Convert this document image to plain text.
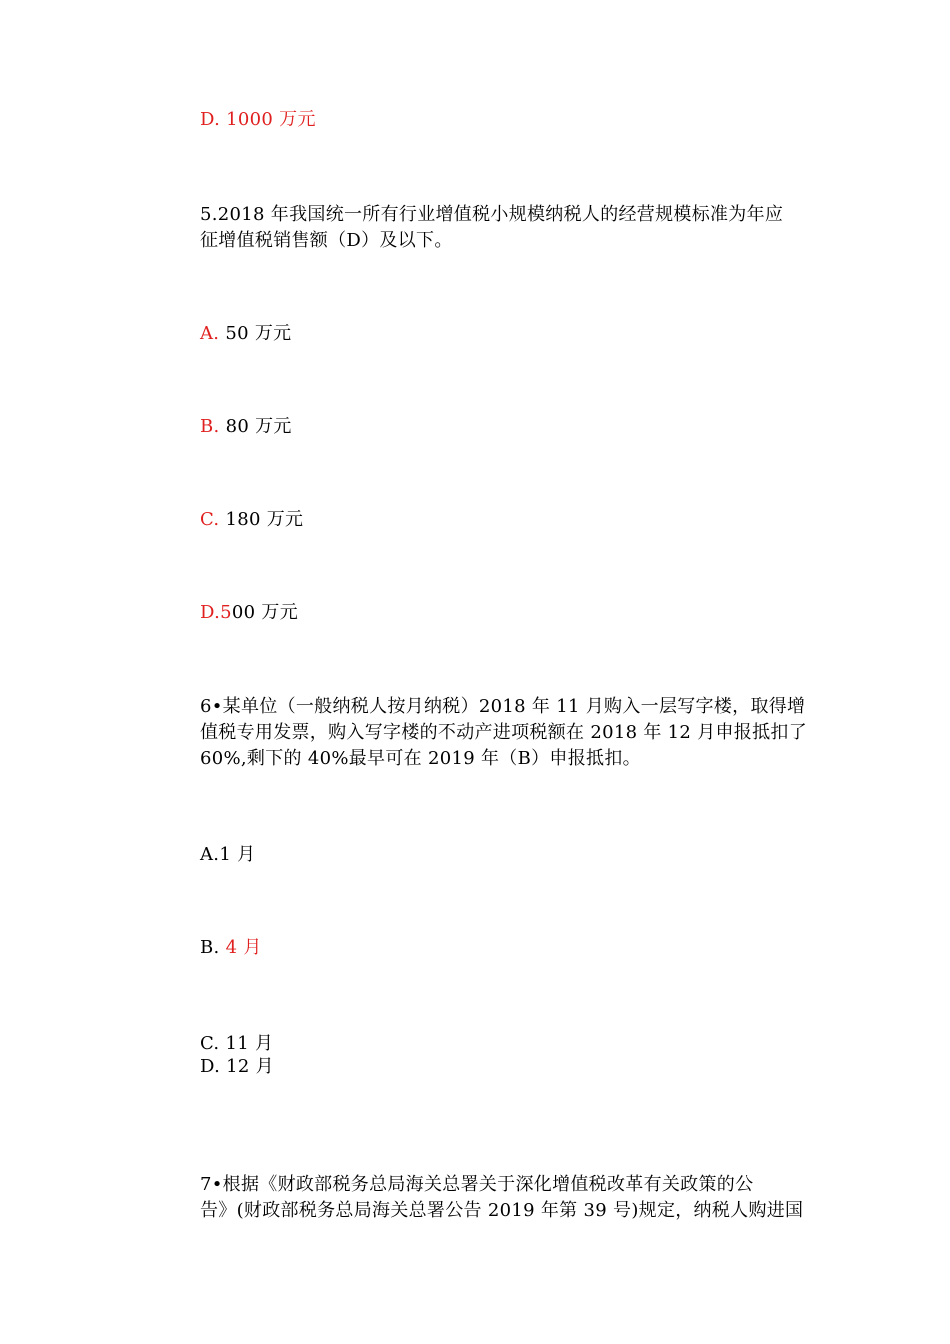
D. 1000 万元
5.2018 年我国统一所有行业增值税小规模纳税人的经营规模标准为年应
征增值税销售额（D）及以下。
A. 50 万元
B. 80 万元
C. 180 万元
D.500 万元
6•某单位（一般纳税人按月纳税）2018 年 11 月购入一层写字楼，取得增
值税专用发票，购入写字楼的不动产进项税额在 2018 年 12 月申报抵扣了
60%,剩下的 40%最早可在 2019 年（B）申报抵扣。
A.1 月
B. 4 月
C. 11 月
D. 12 月
7•根据《财政部税务总局海关总署关于深化增值税改革有关政策的公
告》(财政部税务总局海关总署公告 2019 年第 39 号)规定，纳税人购进国
